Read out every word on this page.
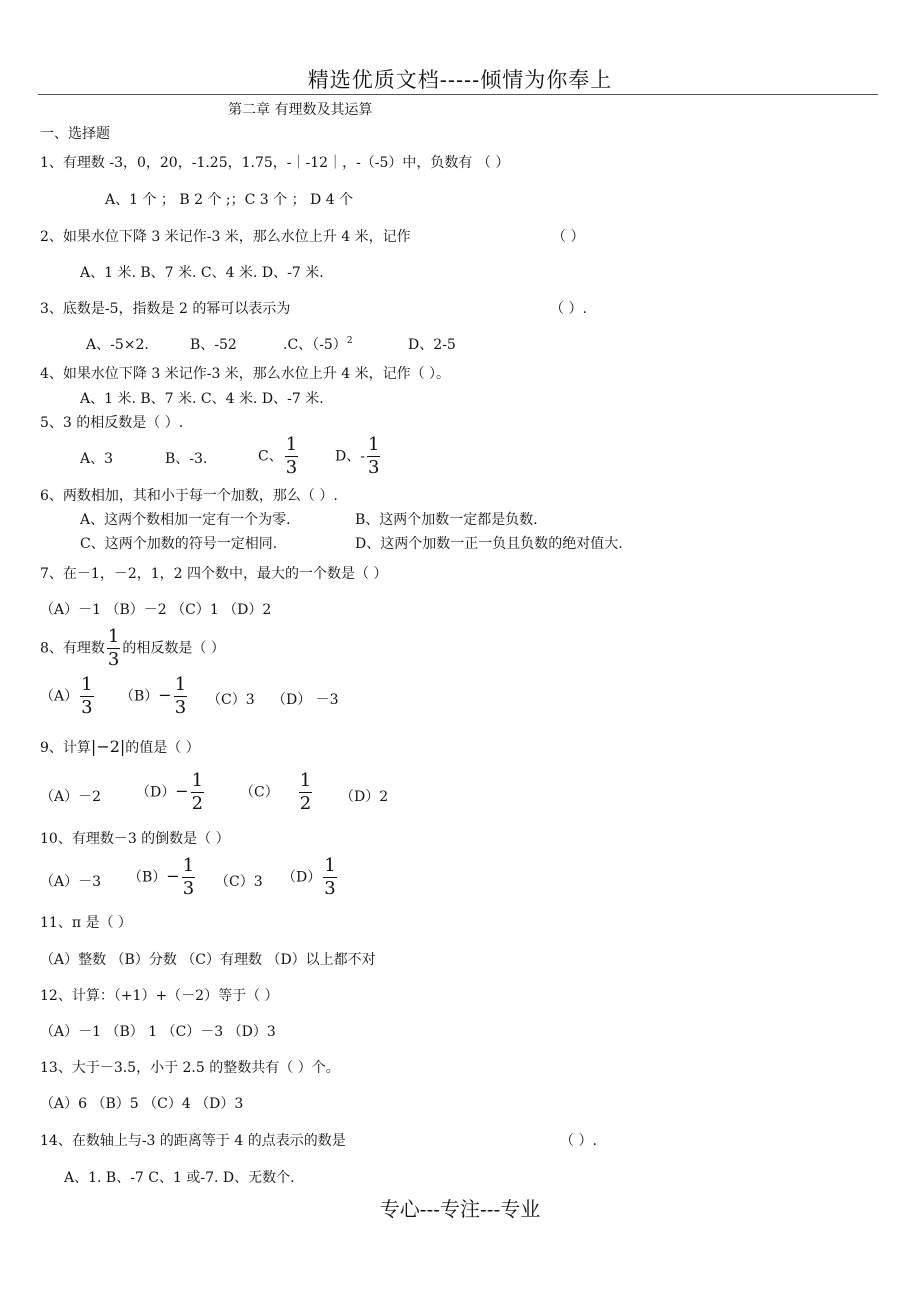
精选优质文档-----倾情为你奉上
第二章 有理数及其运算
一、选择题
1、有理数 -3，0，20，-1.25，1.75，-｜-12｜，-（-5）中，负数有 （ ）
A、1 个 ； B 2 个 ;；C 3 个 ； D 4 个
2、如果水位下降 3 米记作-3 米，那么水位上升 4 米，记作	（ ）
A、1 米. B、7 米. C、4 米. D、-7 米.
3、底数是-5，指数是 2 的幂可以表示为	（ ）.
A、-5×2.	B、-52	.C、$(-5)^2$	D、2-5
4、如果水位下降 3 米记作-3 米，那么水位上升 4 米，记作（ ）。
A、1 米. B、7 米. C、4 米. D、-7 米.
5、3 的相反数是（ ）.
A、3	B、-3.	C、 $\frac{1}{3}$	D、- $\frac{1}{3}$
6、两数相加，其和小于每一个加数，那么（ ）.
A、这两个数相加一定有一个为零.	B、这两个加数一定都是负数.
C、这两个加数的符号一定相同.	D、这两个加数一正一负且负数的绝对值大.
7、在－1，－2，1，2 四个数中，最大的一个数是（ ）
（A）－1 （B）－2 （C）1 （D）2
8、有理数 $\frac{1}{3}$ 的相反数是（ ）
$(A) \frac{1}{3} (B)- \frac{1}{3} (C)3$ （D） －3
9、计算|−2|的值是（ ）
（A）－2 $(D)- \frac{1}{2}$	$(C) \frac{1}{2} (D)2$
10、有理数－3 的倒数是（ ）
（A）－3 $(B)- \frac{1}{3} (C)3$ $(D) \frac{1}{3}$
11、π 是（ ）
（A）整数 （B）分数 （C）有理数 （D）以上都不对
12、计算：（+1）+（－2）等于（ ）
（A）－1 （B） 1 （C）－3 （D）3
13、大于－3.5，小于 2.5 的整数共有（ ）个。
（A）6 （B）5 （C）4 （D）3
14、在数轴上与-3 的距离等于 4 的点表示的数是	（ ）.
A、1. B、-7 C、1 或-7. D、无数个.
专心---专注---专业
